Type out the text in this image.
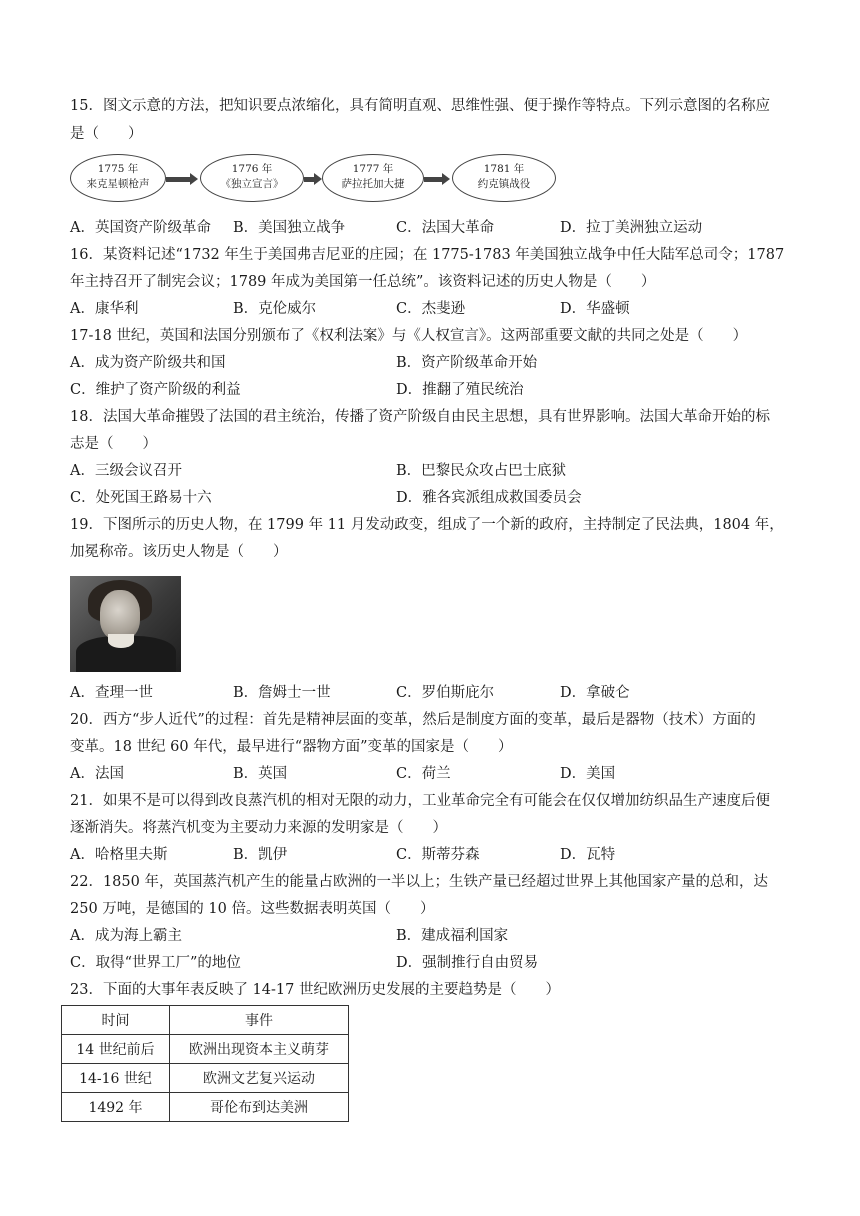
15．图文示意的方法，把知识要点浓缩化，具有简明直观、思维性强、便于操作等特点。下列示意图的名称应
是（　　）
1775 年
来克星顿枪声
1776 年
《独立宣言》
1777 年
萨拉托加大捷
1781 年
约克镇战役
A．英国资产阶级革命 B．美国独立战争	C．法国大革命	D．拉丁美洲独立运动
16．某资料记述“1732 年生于美国弗吉尼亚的庄园；在 1775-1783 年美国独立战争中任大陆军总司令；1787
年主持召开了制宪会议；1789 年成为美国第一任总统”。该资料记述的历史人物是（　　）
A．康华利	B．克伦威尔	C．杰斐逊	D．华盛顿
17-18 世纪，英国和法国分别颁布了《权利法案》与《人权宣言》。这两部重要文献的共同之处是（　　）
A．成为资产阶级共和国	B．资产阶级革命开始
C．维护了资产阶级的利益	D．推翻了殖民统治
18．法国大革命摧毁了法国的君主统治，传播了资产阶级自由民主思想，具有世界影响。法国大革命开始的标
志是（　　）
A．三级会议召开	B．巴黎民众攻占巴士底狱
C．处死国王路易十六	D．雅各宾派组成救国委员会
19．下图所示的历史人物，在 1799 年 11 月发动政变，组成了一个新的政府，主持制定了民法典，1804 年，
加冕称帝。该历史人物是（　　）
A．查理一世	B．詹姆士一世	C．罗伯斯庇尔	D．拿破仑
20．西方“步人近代”的过程：首先是精神层面的变革，然后是制度方面的变革，最后是器物（技术）方面的
变革。18 世纪 60 年代，最早进行“器物方面”变革的国家是（　　）
A．法国	B．英国	C．荷兰	D．美国
21．如果不是可以得到改良蒸汽机的相对无限的动力，工业革命完全有可能会在仅仅增加纺织品生产速度后便
逐渐消失。将蒸汽机变为主要动力来源的发明家是（　　）
A．哈格里夫斯	B．凯伊	C．斯蒂芬森	D．瓦特
22．1850 年，英国蒸汽机产生的能量占欧洲的一半以上；生铁产量已经超过世界上其他国家产量的总和，达
250 万吨，是德国的 10 倍。这些数据表明英国（　　）
A．成为海上霸主	B．建成福利国家
C．取得“世界工厂”的地位	D．强制推行自由贸易
23．下面的大事年表反映了 14-17 世纪欧洲历史发展的主要趋势是（　　）
时间	事件
14 世纪前后	欧洲出现资本主义萌芽
14-16 世纪	欧洲文艺复兴运动
1492 年	哥伦布到达美洲
